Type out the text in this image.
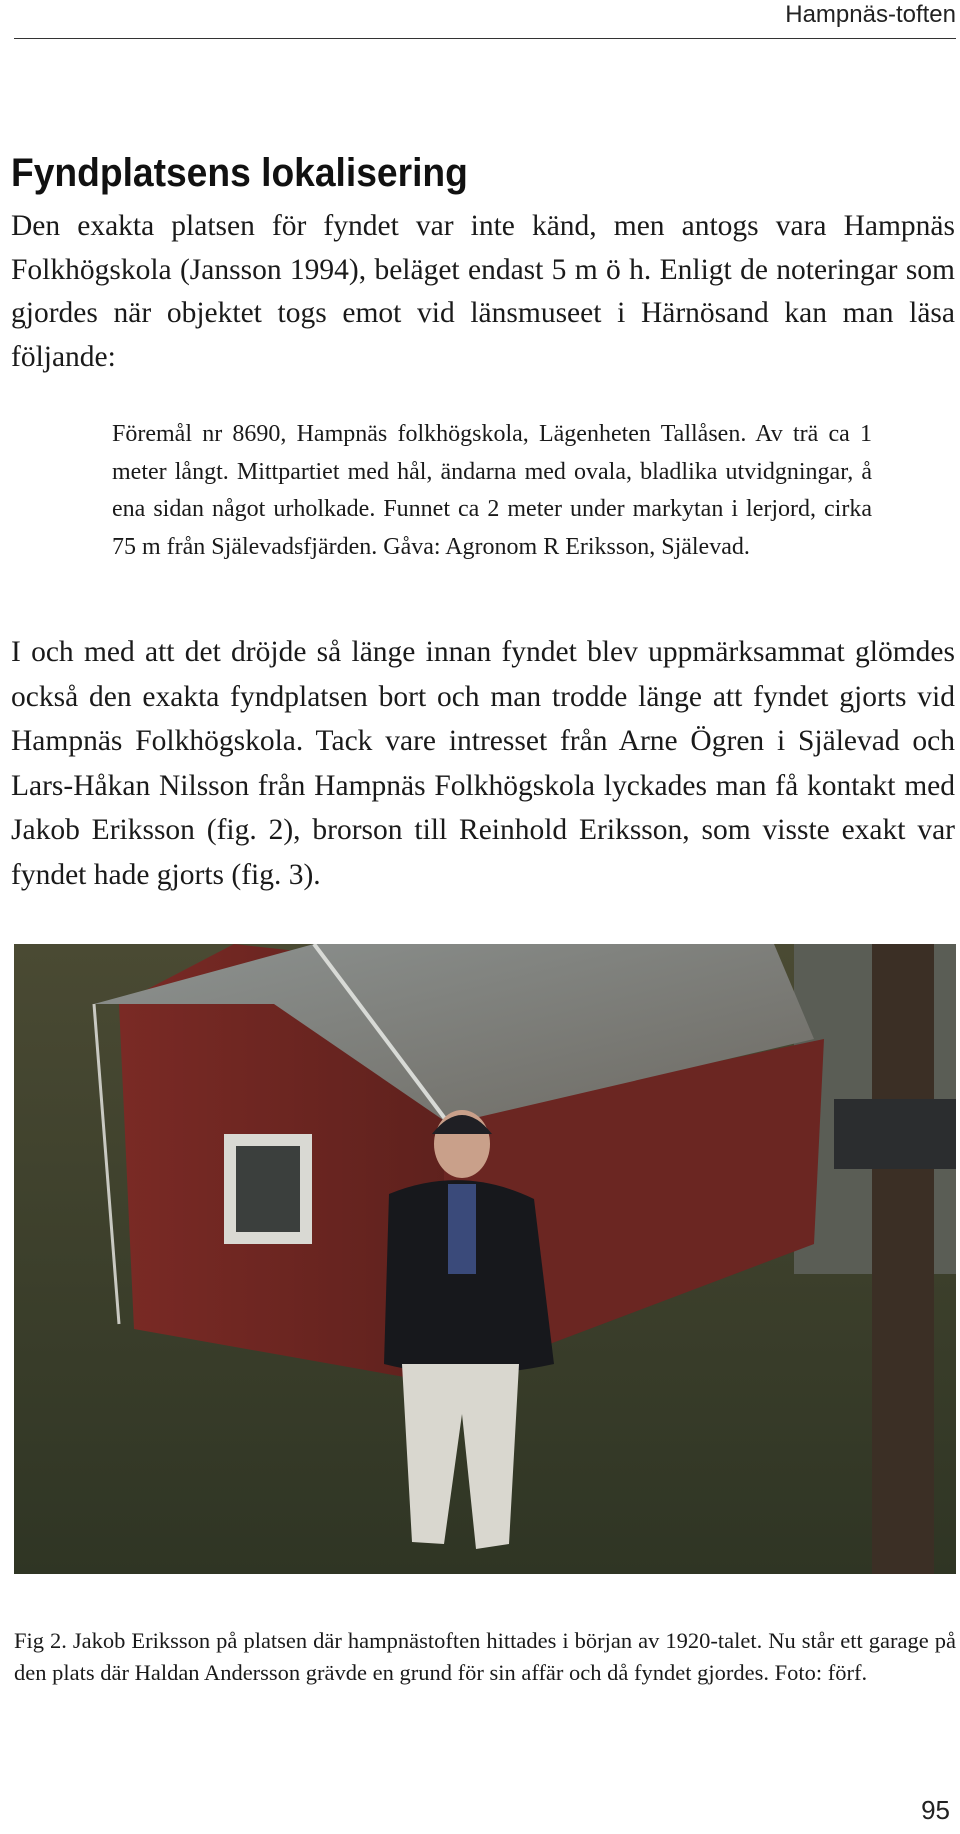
Hampnäs-toften
Fyndplatsens lokalisering

Den exakta platsen för fyndet var inte känd, men antogs vara Hampnäs Folkhögskola (Jansson 1994), beläget endast 5 m ö h. Enligt de noteringar som gjordes när objektet togs emot vid länsmuseet i Härnösand kan man läsa följande:

Föremål nr 8690, Hampnäs folkhögskola, Lägenheten Tallåsen. Av trä ca 1 meter långt. Mittpartiet med hål, ändarna med ovala, bladlika utvidgningar, å ena sidan något urholkade. Funnet ca 2 meter under markytan i lerjord, cirka 75 m från Själevadsfjärden. Gåva: Agronom R Eriksson, Själevad.

I och med att det dröjde så länge innan fyndet blev uppmärksammat glömdes också den exakta fyndplatsen bort och man trodde länge att fyndet gjorts vid Hampnäs Folkhögskola. Tack vare intresset från Arne Ögren i Själevad och Lars-Håkan Nilsson från Hampnäs Folkhögskola lyckades man få kontakt med Jakob Eriksson (fig. 2), brorson till Reinhold Eriksson, som visste exakt var fyndet hade gjorts (fig. 3).

Fig 2. Jakob Eriksson på platsen där hampnästoften hittades i början av 1920-talet. Nu står ett garage på den plats där Haldan Andersson grävde en grund för sin affär och då fyndet gjordes. Foto: förf.

95
